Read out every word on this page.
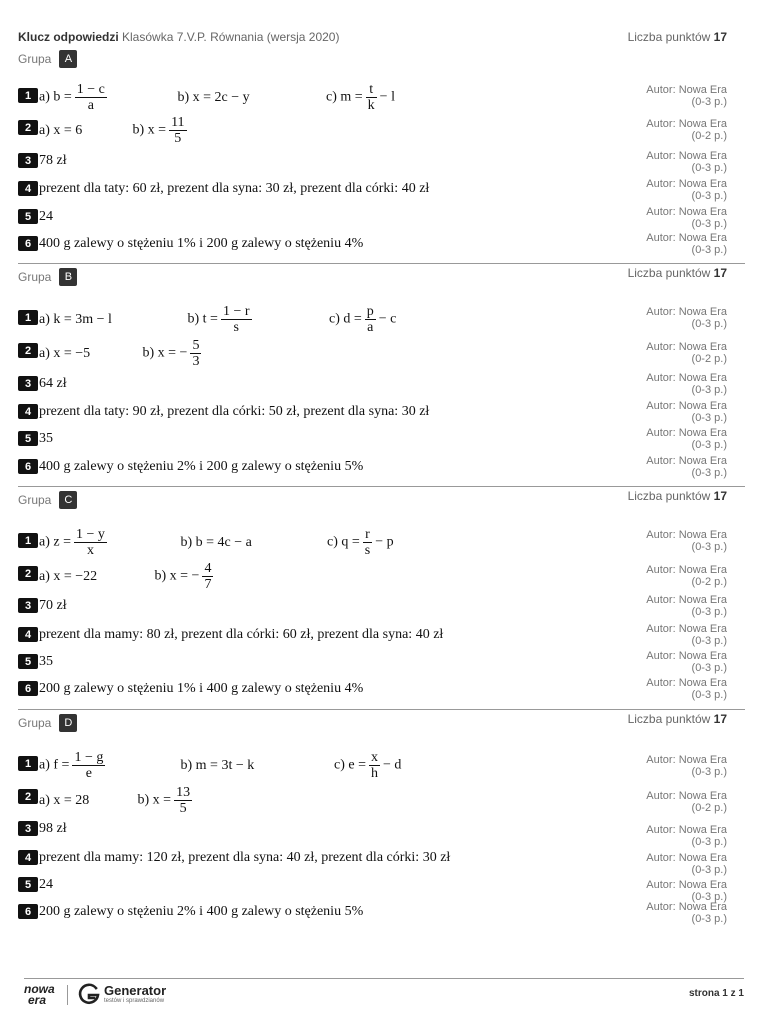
Klucz odpowiedzi Klasówka 7.V.P. Równania (wersja 2020)	Liczba punktów 17
Grupa	A
1 a) $b = \frac{1 - c}{a}$	b) x = 2c − y	c) $m = \frac{t}{k} - l$	Autor: Nowa Era
(0-3 p.)
2 a) x = 6	b) $x = \frac{11}{5}$	Autor: Nowa Era
(0-2 p.)
3 78 zł	Autor: Nowa Era
(0-3 p.)
4 prezent dla taty: 60 zł, prezent dla syna: 30 zł, prezent dla córki: 40 zł	Autor: Nowa Era
(0-3 p.)
5 24	Autor: Nowa Era
(0-3 p.)
6 400 g zalewy o stężeniu 1% i 200 g zalewy o stężeniu 4%	Autor: Nowa Era
(0-3 p.)
Grupa	B	Liczba punktów 17
1 a) k = 3m − l	b) $t = \frac{1 - r}{s}$	c) $d = \frac{p}{a} - c$	Autor: Nowa Era
(0-3 p.)
2 a) x = −5	b) x = − $\frac{5}{3}$	Autor: Nowa Era
(0-2 p.)
3 64 zł	Autor: Nowa Era
(0-3 p.)
4 prezent dla taty: 90 zł, prezent dla córki: 50 zł, prezent dla syna: 30 zł	Autor: Nowa Era
(0-3 p.)
5 35	Autor: Nowa Era
(0-3 p.)
6 400 g zalewy o stężeniu 2% i 200 g zalewy o stężeniu 5%	Autor: Nowa Era
(0-3 p.)
Grupa	C	Liczba punktów 17
1 a) $z = \frac{1 - y}{x}$	b) b = 4c − a	c) $q = \frac{r}{s} - p$	Autor: Nowa Era
(0-3 p.)
2 a) x = −22	b) x = − $\frac{4}{7}$	Autor: Nowa Era
(0-2 p.)
3 70 zł	Autor: Nowa Era
(0-3 p.)
4 prezent dla mamy: 80 zł, prezent dla córki: 60 zł, prezent dla syna: 40 zł	Autor: Nowa Era
(0-3 p.)
5 35	Autor: Nowa Era
(0-3 p.)
6 200 g zalewy o stężeniu 1% i 400 g zalewy o stężeniu 4%	Autor: Nowa Era
(0-3 p.)
Grupa	D	Liczba punktów 17
1 a) $f = \frac{1 - g}{e}$	b) m = 3t − k	c) $e = \frac{x}{h} - d$	Autor: Nowa Era
(0-3 p.)
2 a) x = 28	b) $x = \frac{13}{5}$	Autor: Nowa Era
(0-2 p.)
3 98 zł	Autor: Nowa Era
(0-3 p.)
4 prezent dla mamy: 120 zł, prezent dla syna: 40 zł, prezent dla córki: 30 zł	Autor: Nowa Era
(0-3 p.)
5 24	Autor: Nowa Era
(0-3 p.)
6 200 g zalewy o stężeniu 2% i 400 g zalewy o stężeniu 5%	Autor: Nowa Era
(0-3 p.)
nowa
era
Generator
testów i sprawdzianów
strona 1 z 1
